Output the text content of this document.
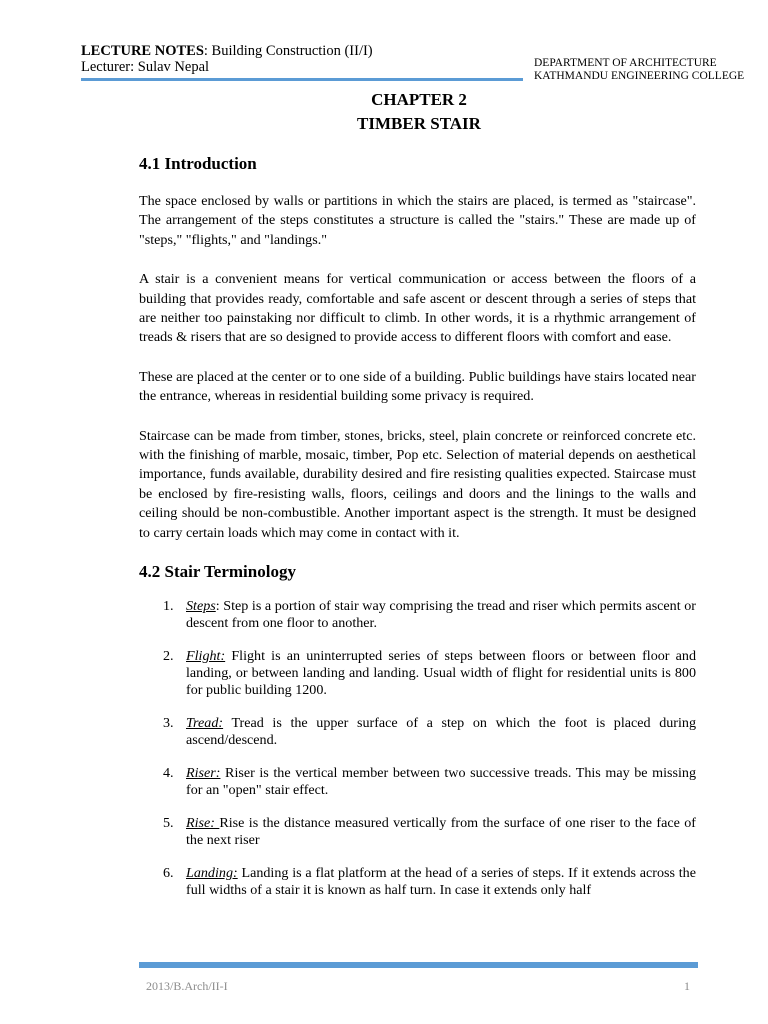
LECTURE NOTES: Building Construction (II/I)
Lecturer: Sulav Nepal	DEPARTMENT OF ARCHITECTURE
KATHMANDU ENGINEERING COLLEGE
CHAPTER 2
TIMBER STAIR
4.1 Introduction

The space enclosed by walls or partitions in which the stairs are placed, is termed as "staircase". The arrangement of the steps constitutes a structure is called the "stairs." These are made up of "steps," "flights," and "landings."

A stair is a convenient means for vertical communication or access between the floors of a building that provides ready, comfortable and safe ascent or descent through a series of steps that are neither too painstaking nor difficult to climb. In other words, it is a rhythmic arrangement of treads & risers that are so designed to provide access to different floors with comfort and ease.

These are placed at the center or to one side of a building. Public buildings have stairs located near the entrance, whereas in residential building some privacy is required.

Staircase can be made from timber, stones, bricks, steel, plain concrete or reinforced concrete etc. with the finishing of marble, mosaic, timber, Pop etc. Selection of material depends on aesthetical importance, funds available, durability desired and fire resisting qualities expected. Staircase must be enclosed by fire-resisting walls, floors, ceilings and doors and the linings to the walls and ceiling should be non-combustible. Another important aspect is the strength. It must be designed to carry certain loads which may come in contact with it.

4.2 Stair Terminology
1. Steps: Step is a portion of stair way comprising the tread and riser which permits ascent or descent from one floor to another.
2. Flight: Flight is an uninterrupted series of steps between floors or between floor and landing, or between landing and landing. Usual width of flight for residential units is 800 for public building 1200.
3. Tread: Tread is the upper surface of a step on which the foot is placed during ascend/descend.
4. Riser: Riser is the vertical member between two successive treads. This may be missing for an "open" stair effect.
5. Rise: Rise is the distance measured vertically from the surface of one riser to the face of the next riser
6. Landing: Landing is a flat platform at the head of a series of steps. If it extends across the full widths of a stair it is known as half turn. In case it extends only half
2013/B.Arch/II-I	1
